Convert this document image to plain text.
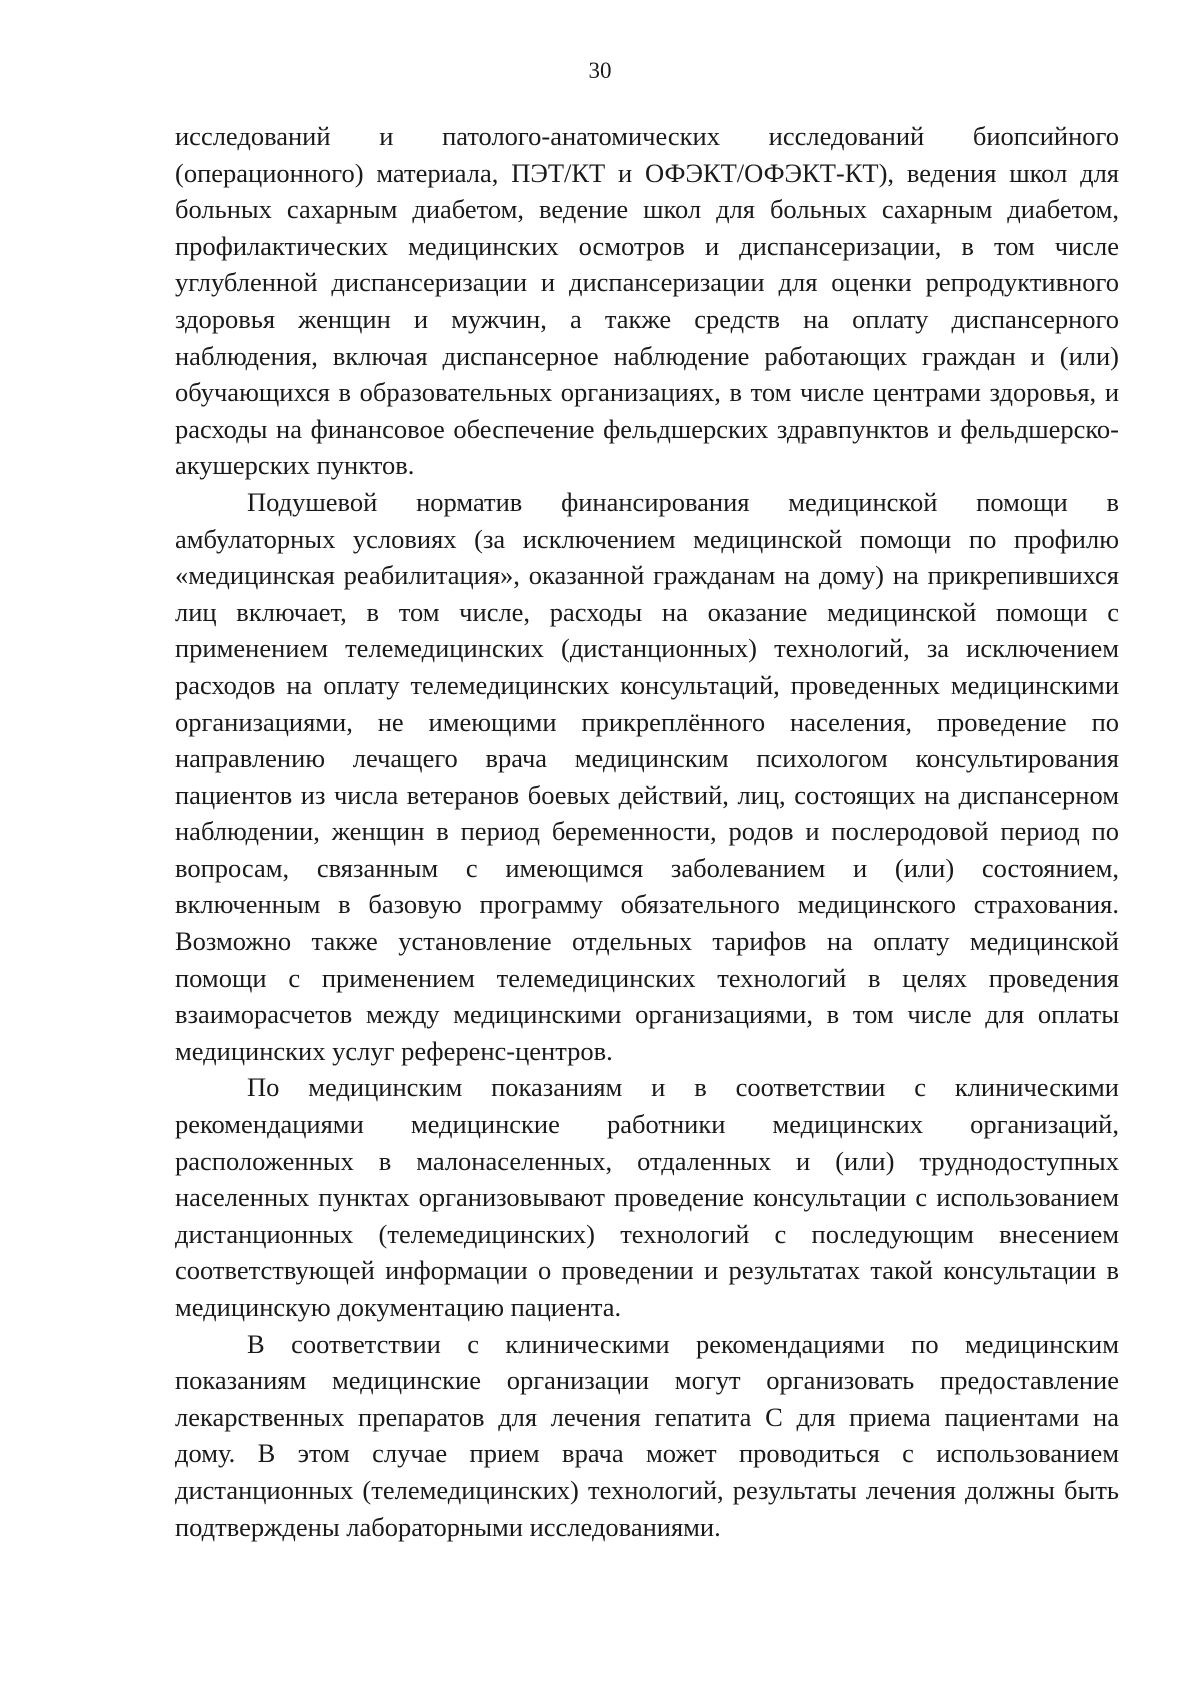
30

исследований и патолого-анатомических исследований биопсийного (операционного) материала, ПЭТ/КТ и ОФЭКТ/ОФЭКТ-КТ), ведения школ для больных сахарным диабетом, ведение школ для больных сахарным диабетом, профилактических медицинских осмотров и диспансеризации, в том числе углубленной диспансеризации и диспансеризации для оценки репродуктивного здоровья женщин и мужчин, а также средств на оплату диспансерного наблюдения, включая диспансерное наблюдение работающих граждан и (или) обучающихся в образовательных организациях, в том числе центрами здоровья, и расходы на финансовое обеспечение фельдшерских здравпунктов и фельдшерско-акушерских пунктов.

Подушевой норматив финансирования медицинской помощи в амбулаторных условиях (за исключением медицинской помощи по профилю «медицинская реабилитация», оказанной гражданам на дому) на прикрепившихся лиц включает, в том числе, расходы на оказание медицинской помощи с применением телемедицинских (дистанционных) технологий, за исключением расходов на оплату телемедицинских консультаций, проведенных медицинскими организациями, не имеющими прикреплённого населения, проведение по направлению лечащего врача медицинским психологом консультирования пациентов из числа ветеранов боевых действий, лиц, состоящих на диспансерном наблюдении, женщин в период беременности, родов и послеродовой период по вопросам, связанным с имеющимся заболеванием и (или) состоянием, включенным в базовую программу обязательного медицинского страхования. Возможно также установление отдельных тарифов на оплату медицинской помощи с применением телемедицинских технологий в целях проведения взаиморасчетов между медицинскими организациями, в том числе для оплаты медицинских услуг референс-центров.

По медицинским показаниям и в соответствии с клиническими рекомендациями медицинские работники медицинских организаций, расположенных в малонаселенных, отдаленных и (или) труднодоступных населенных пунктах организовывают проведение консультации с использованием дистанционных (телемедицинских) технологий с последующим внесением соответствующей информации о проведении и результатах такой консультации в медицинскую документацию пациента.

В соответствии с клиническими рекомендациями по медицинским показаниям медицинские организации могут организовать предоставление лекарственных препаратов для лечения гепатита С для приема пациентами на дому. В этом случае прием врача может проводиться с использованием дистанционных (телемедицинских) технологий, результаты лечения должны быть подтверждены лабораторными исследованиями.
